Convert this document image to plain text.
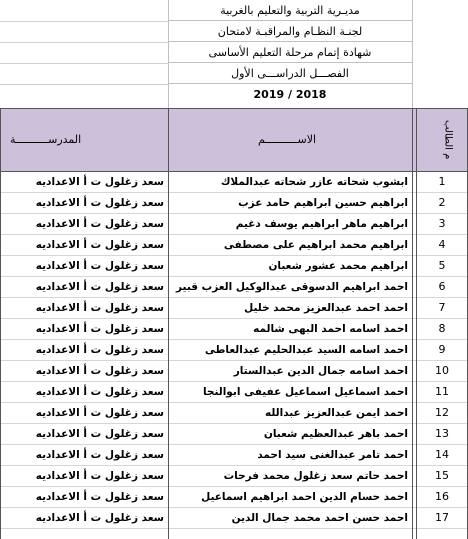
مديـرية التربية والتعليم بالغربية
لجنـة النظـام والمراقبـة لامتحان
شهادة إتمام مرحلة التعليم الأساسى
الفصـــل الدراســـى الأول
2019 / 2018
المدرســــــــــة	الاســــــــــم	م الطالب
سعد زغلول ت أ الاعداديه	ابشوب شحاته عازر شحاته عبدالملاك	1
سعد زغلول ت أ الاعداديه	ابراهيم حسين ابراهيم حامد عزب	2
سعد زغلول ت أ الاعداديه	ابراهيم ماهر ابراهيم يوسف دغيم	3
سعد زغلول ت أ الاعداديه	ابراهيم محمد ابراهيم على مصطفى	4
سعد زغلول ت أ الاعداديه	ابراهيم محمد عشور شعبان	5
سعد زغلول ت أ الاعداديه	احمد ابراهيم الدسوقى عبدالوكيل العزب قبير	6
سعد زغلول ت أ الاعداديه	احمد احمد عبدالعزيز محمد خليل	7
سعد زغلول ت أ الاعداديه	احمد اسامه احمد البهى شالمه	8
سعد زغلول ت أ الاعداديه	احمد اسامه السيد عبدالحليم عبدالعاطى	9
سعد زغلول ت أ الاعداديه	احمد اسامه جمال الدين عبدالستار	10
سعد زغلول ت أ الاعداديه	احمد اسماعيل اسماعيل عفيفى ابوالنجا	11
سعد زغلول ت أ الاعداديه	احمد ايمن عبدالعزيز عبدالله	12
سعد زغلول ت أ الاعداديه	احمد باهر عبدالعظيم شعبان	13
سعد زغلول ت أ الاعداديه	احمد تامر عبدالغنى سيد احمد	14
سعد زغلول ت أ الاعداديه	احمد حاتم سعد زغلول محمد فرحات	15
سعد زغلول ت أ الاعداديه	احمد حسام الدين احمد ابراهيم اسماعيل	16
سعد زغلول ت أ الاعداديه	احمد حسن احمد محمد جمال الدين	17
